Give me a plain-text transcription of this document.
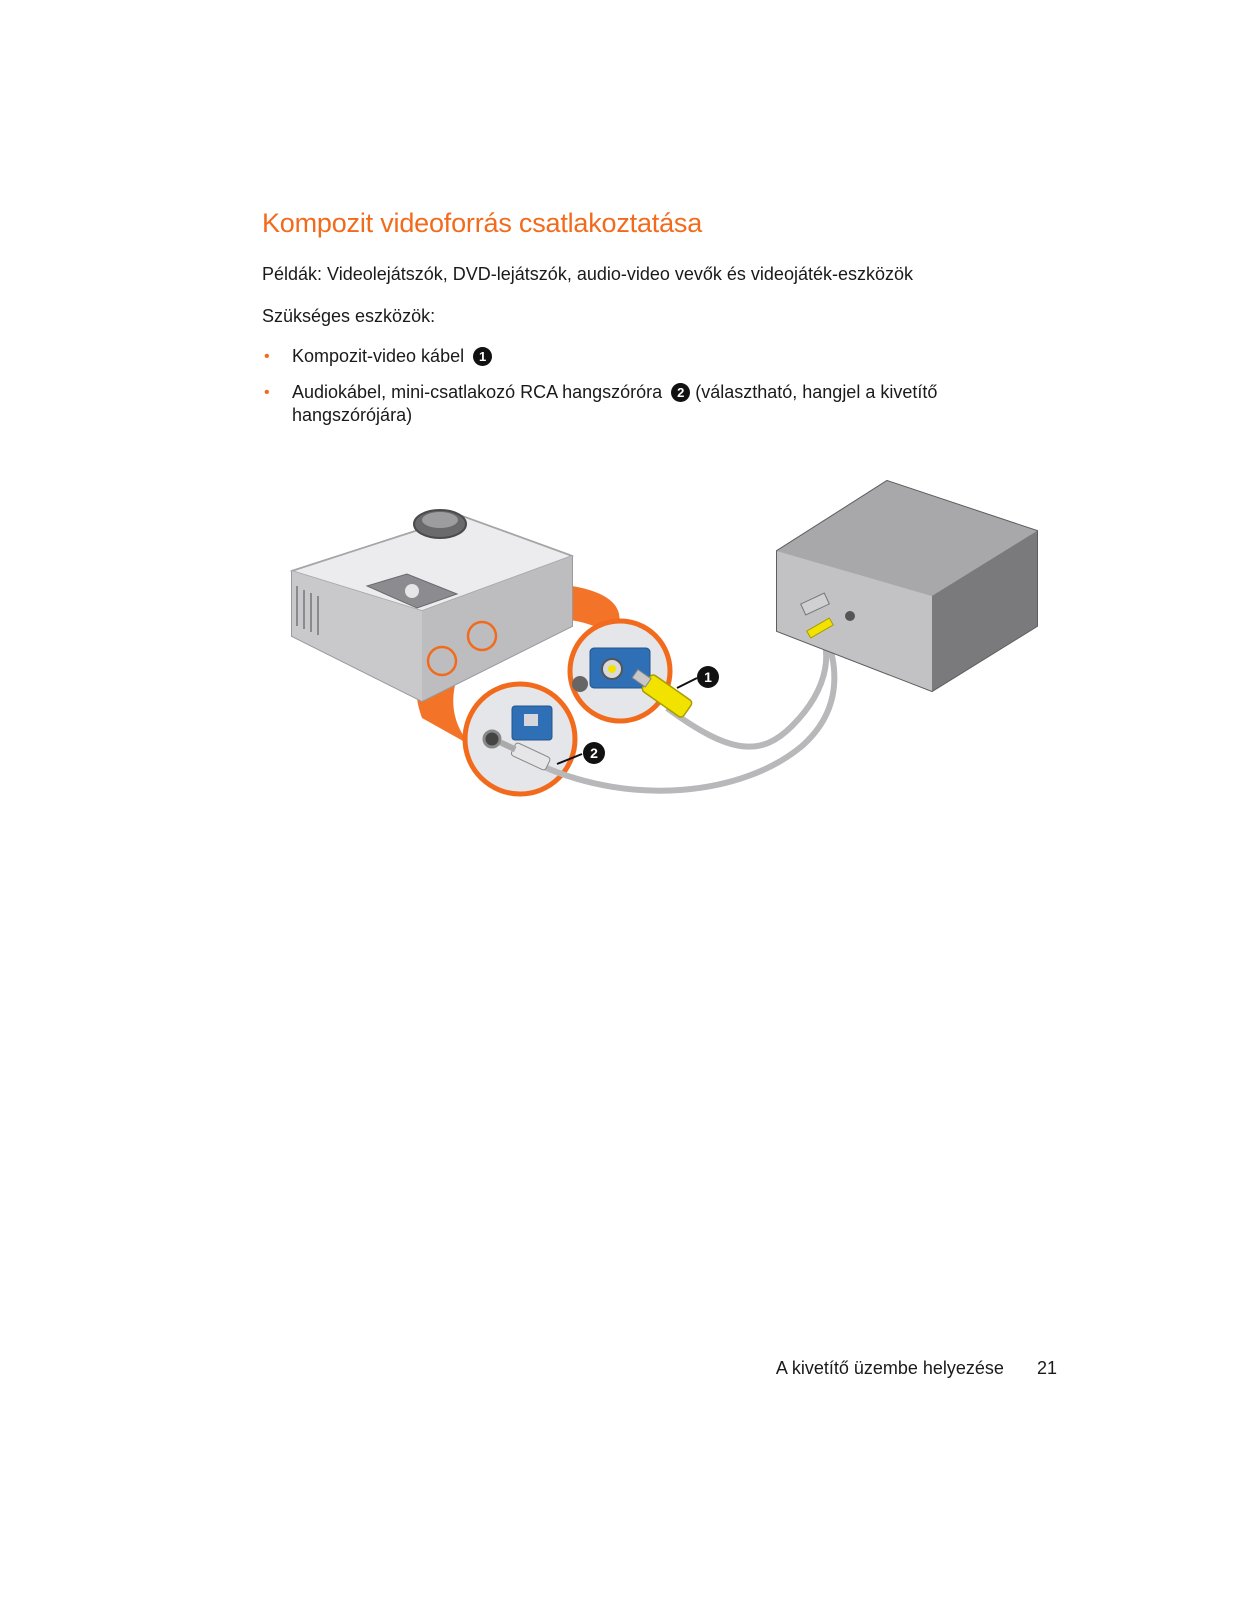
Kompozit videoforrás csatlakoztatása

Példák: Videolejátszók, DVD-lejátszók, audio-video vevők és videojáték-eszközök

Szükséges eszközök:

• Kompozit-video kábel 1
• Audiokábel, mini-csatlakozó RCA hangszóróra 2 (választható, hangjel a kivetítő hangszórójára)
1
2
A kivetítő üzembe helyezése 21
